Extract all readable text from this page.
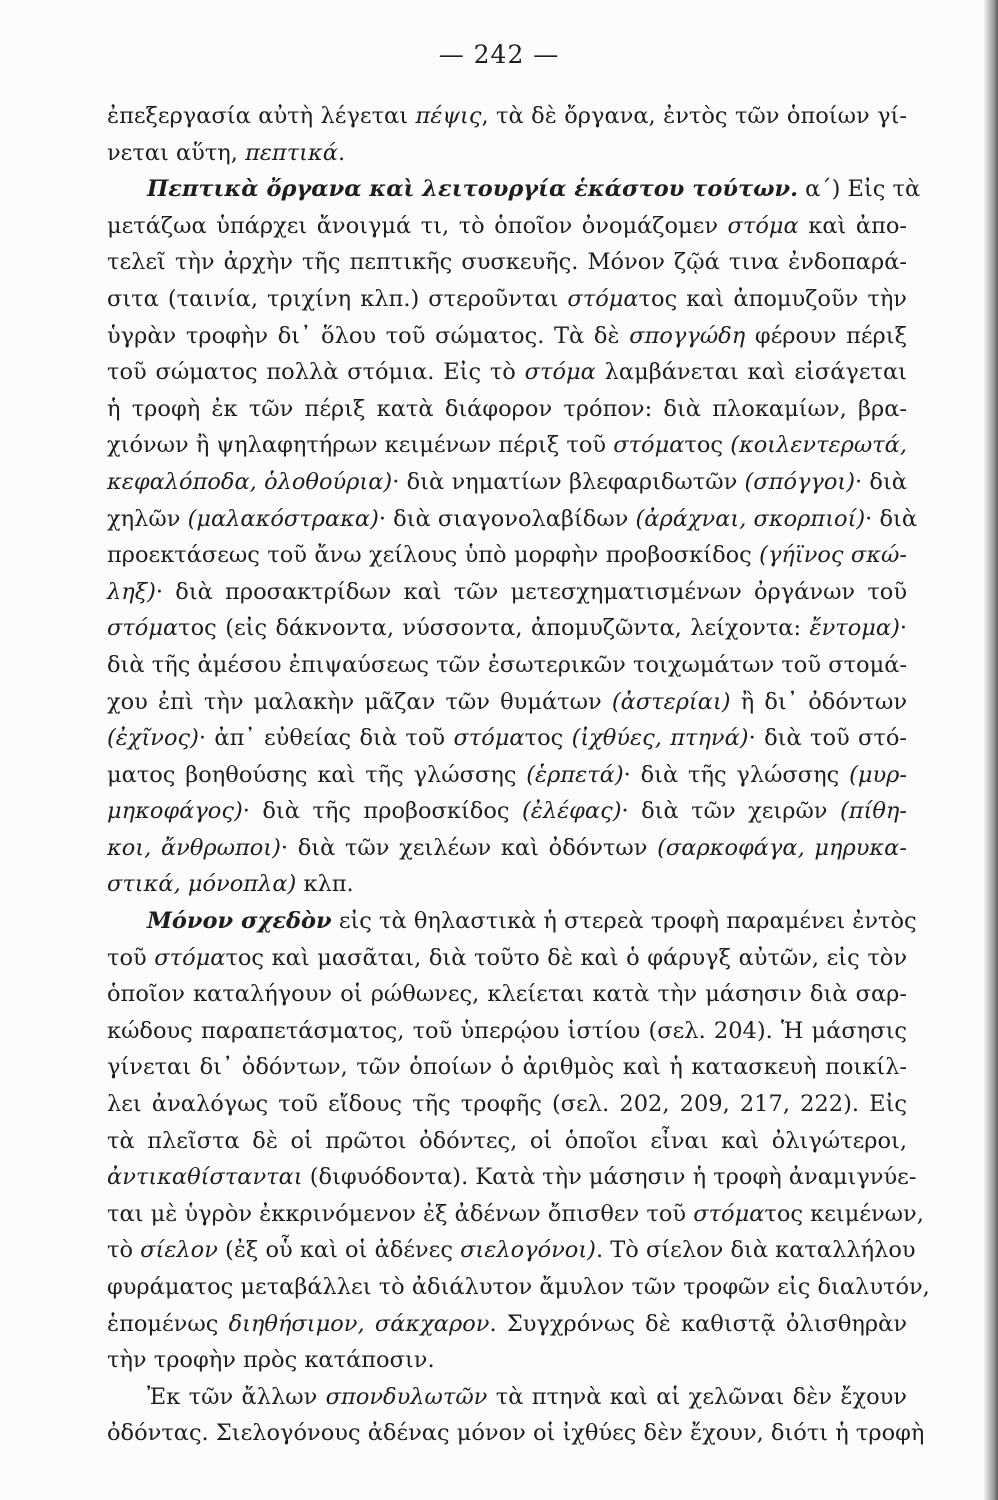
— 242 —
ἐπεξεργασία αὐτὴ λέγεται πέψις, τὰ δὲ ὄργανα, ἐντὸς τῶν ὁποίων γί-
νεται αὕτη, πεπτικά.
Πεπτικὰ ὄργανα καὶ λειτουργία ἑκάστου τούτων. α΄) Εἰς τὰ
μετάζωα ὑπάρχει ἄνοιγμά τι, τὸ ὁποῖον ὀνομάζομεν στόμα καὶ ἀπο-
τελεῖ τὴν ἀρχὴν τῆς πεπτικῆς συσκευῆς. Μόνον ζῷά τινα ἐνδοπαρά-
σιτα (ταινία, τριχίνη κλπ.) στεροῦνται στόματος καὶ ἀπομυζοῦν τὴν
ὑγρὰν τροφὴν δι᾽ ὅλου τοῦ σώματος. Τὰ δὲ σπογγώδη φέρουν πέριξ
τοῦ σώματος πολλὰ στόμια. Εἰς τὸ στόμα λαμβάνεται καὶ εἰσάγεται
ἡ τροφὴ ἐκ τῶν πέριξ κατὰ διάφορον τρόπον: διὰ πλοκαμίων, βρα-
χιόνων ἢ ψηλαφητήρων κειμένων πέριξ τοῦ στόματος (κοιλεντερωτά,
κεφαλόποδα, ὁλοθούρια)· διὰ νηματίων βλεφαριδωτῶν (σπόγγοι)· διὰ
χηλῶν (μαλακόστρακα)· διὰ σιαγονολαβίδων (ἀράχναι, σκορπιοί)· διὰ
προεκτάσεως τοῦ ἄνω χείλους ὑπὸ μορφὴν προβοσκίδος (γήϊνος σκώ-
ληξ)· διὰ προσακτρίδων καὶ τῶν μετεσχηματισμένων ὀργάνων τοῦ
στόματος (εἰς δάκνοντα, νύσσοντα, ἀπομυζῶντα, λείχοντα: ἔντομα)·
διὰ τῆς ἀμέσου ἐπιψαύσεως τῶν ἐσωτερικῶν τοιχωμάτων τοῦ στομά-
χου ἐπὶ τὴν μαλακὴν μᾶζαν τῶν θυμάτων (ἀστερίαι) ἢ δι᾽ ὀδόντων
(ἐχῖνος)· ἀπ᾽ εὐθείας διὰ τοῦ στόματος (ἰχθύες, πτηνά)· διὰ τοῦ στό-
ματος βοηθούσης καὶ τῆς γλώσσης (ἑρπετά)· διὰ τῆς γλώσσης (μυρ-
μηκοφάγος)· διὰ τῆς προβοσκίδος (ἐλέφας)· διὰ τῶν χειρῶν (πίθη-
κοι, ἄνθρωποι)· διὰ τῶν χειλέων καὶ ὀδόντων (σαρκοφάγα, μηρυκα-
στικά, μόνοπλα) κλπ.
Μόνον σχεδὸν εἰς τὰ θηλαστικὰ ἡ στερεὰ τροφὴ παραμένει ἐντὸς
τοῦ στόματος καὶ μασᾶται, διὰ τοῦτο δὲ καὶ ὁ φάρυγξ αὐτῶν, εἰς τὸν
ὁποῖον καταλήγουν οἱ ρώθωνες, κλείεται κατὰ τὴν μάσησιν διὰ σαρ-
κώδους παραπετάσματος, τοῦ ὑπερῴου ἱστίου (σελ. 204). Ἡ μάσησις
γίνεται δι᾽ ὀδόντων, τῶν ὁποίων ὁ ἀριθμὸς καὶ ἡ κατασκευὴ ποικίλ-
λει ἀναλόγως τοῦ εἴδους τῆς τροφῆς (σελ. 202, 209, 217, 222). Εἰς
τὰ πλεῖστα δὲ οἱ πρῶτοι ὀδόντες, οἱ ὁποῖοι εἶναι καὶ ὀλιγώτεροι,
ἀντικαθίστανται (διφυόδοντα). Κατὰ τὴν μάσησιν ἡ τροφὴ ἀναμιγνύε-
ται μὲ ὑγρὸν ἐκκρινόμενον ἐξ ἀδένων ὄπισθεν τοῦ στόματος κειμένων,
τὸ σίελον (ἐξ οὗ καὶ οἱ ἀδένες σιελογόνοι). Τὸ σίελον διὰ καταλλήλου
φυράματος μεταβάλλει τὸ ἀδιάλυτον ἄμυλον τῶν τροφῶν εἰς διαλυτόν,
ἑπομένως διηθήσιμον, σάκχαρον. Συγχρόνως δὲ καθιστᾷ ὀλισθηρὰν
τὴν τροφὴν πρὸς κατάποσιν.
Ἐκ τῶν ἄλλων σπονδυλωτῶν τὰ πτηνὰ καὶ αἱ χελῶναι δὲν ἔχουν
ὀδόντας. Σιελογόνους ἀδένας μόνον οἱ ἰχθύες δὲν ἔχουν, διότι ἡ τροφὴ
